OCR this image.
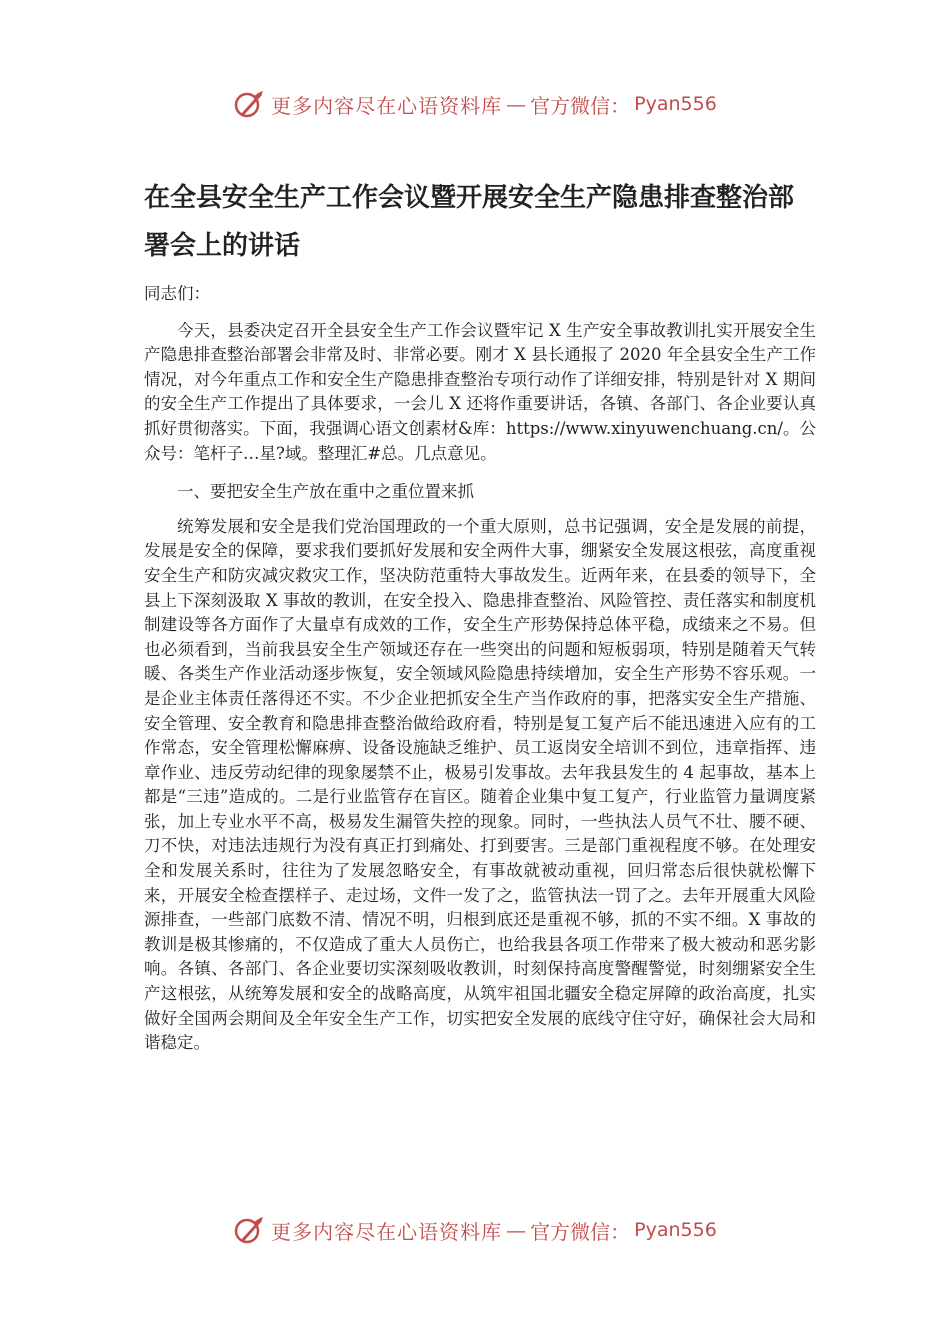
更多内容尽在心语资料库 — 官方微信： Pyan556
在全县安全生产工作会议暨开展安全生产隐患排查整治部署会上的讲话

同志们：

今天，县委决定召开全县安全生产工作会议暨牢记 X 生产安全事故教训扎实开展安全生产隐患排查整治部署会非常及时、非常必要。刚才 X 县长通报了 2020 年全县安全生产工作情况，对今年重点工作和安全生产隐患排查整治专项行动作了详细安排，特别是针对 X 期间的安全生产工作提出了具体要求，一会儿 X 还将作重要讲话，各镇、各部门、各企业要认真抓好贯彻落实。下面，我强调心语文创素材&库：https://www.xinyuwenchuang.cn/。公众号：笔杆子…星?域。整理汇#总。几点意见。

一、要把安全生产放在重中之重位置来抓

统筹发展和安全是我们党治国理政的一个重大原则，总书记强调，安全是发展的前提，发展是安全的保障，要求我们要抓好发展和安全两件大事，绷紧安全发展这根弦，高度重视安全生产和防灾减灾救灾工作，坚决防范重特大事故发生。近两年来，在县委的领导下，全县上下深刻汲取 X 事故的教训，在安全投入、隐患排查整治、风险管控、责任落实和制度机制建设等各方面作了大量卓有成效的工作，安全生产形势保持总体平稳，成绩来之不易。但也必须看到，当前我县安全生产领域还存在一些突出的问题和短板弱项，特别是随着天气转暖、各类生产作业活动逐步恢复，安全领域风险隐患持续增加，安全生产形势不容乐观。一是企业主体责任落得还不实。不少企业把抓安全生产当作政府的事，把落实安全生产措施、安全管理、安全教育和隐患排查整治做给政府看，特别是复工复产后不能迅速进入应有的工作常态，安全管理松懈麻痹、设备设施缺乏维护、员工返岗安全培训不到位，违章指挥、违章作业、违反劳动纪律的现象屡禁不止，极易引发事故。去年我县发生的 4 起事故，基本上都是“三违”造成的。二是行业监管存在盲区。随着企业集中复工复产，行业监管力量调度紧张，加上专业水平不高，极易发生漏管失控的现象。同时，一些执法人员气不壮、腰不硬、刀不快，对违法违规行为没有真正打到痛处、打到要害。三是部门重视程度不够。在处理安全和发展关系时，往往为了发展忽略安全，有事故就被动重视，回归常态后很快就松懈下来，开展安全检查摆样子、走过场，文件一发了之，监管执法一罚了之。去年开展重大风险源排查，一些部门底数不清、情况不明，归根到底还是重视不够，抓的不实不细。X 事故的教训是极其惨痛的，不仅造成了重大人员伤亡，也给我县各项工作带来了极大被动和恶劣影响。各镇、各部门、各企业要切实深刻吸收教训，时刻保持高度警醒警觉，时刻绷紧安全生产这根弦，从统筹发展和安全的战略高度，从筑牢祖国北疆安全稳定屏障的政治高度，扎实做好全国两会期间及全年安全生产工作，切实把安全发展的底线守住守好，确保社会大局和谐稳定。

更多内容尽在心语资料库 — 官方微信： Pyan556
